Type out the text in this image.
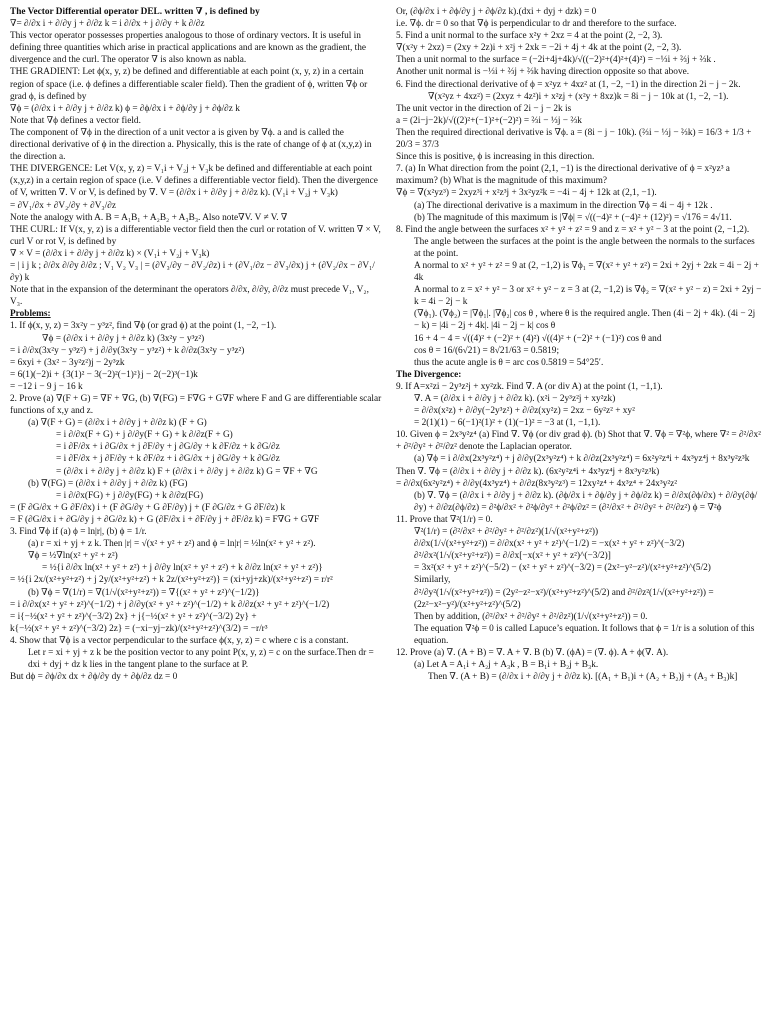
The Vector Differential operator DEL. written ∇ , is defined by

∇= ∂/∂x i + ∂/∂y j + ∂/∂z k = i ∂/∂x + j ∂/∂y + k ∂/∂z

This vector operator possesses properties analogous to those of ordinary vectors. It is useful in defining three quantities which arise in practical applications and are known as the gradient, the divergence and the curl. The operator ∇ is also known as nabla.

THE GRADIENT: Let ϕ(x, y, z) be defined and differentiable at each point (x, y, z) in a certain region of space (i.e. ϕ defines a differentiable scaler field). Then the gradient of ϕ, written ∇ϕ or grad ϕ, is defined by

∇ϕ = (∂/∂x i + ∂/∂y j + ∂/∂z k) ϕ = ∂ϕ/∂x i + ∂ϕ/∂y j + ∂ϕ/∂z k

Note that ∇ϕ defines a vector field.

The component of ∇ϕ in the direction of a unit vector a is given by ∇ϕ. a and is called the directional derivative of ϕ in the direction a. Physically, this is the rate of change of ϕ at (x,y,z) in the direction a.

THE DIVERGENCE: Let V(x, y, z) = V₁i + V₂j + V₃k be defined and differentiable at each point (x,y,z) in a certain region of space (i.e. V defines a differentiable vector field). Then the divergence of V, written ∇. V or V, is defined by ∇. V = (∂/∂x i + ∂/∂y j + ∂/∂z k). (V₁i + V₂j + V₃k)

= ∂V₁/∂x + ∂V₂/∂y + ∂V₃/∂z

Note the analogy with A. B = A₁B₁ + A₂B₂ + A₃B₃. Also note∇V. V ≠ V. ∇

THE CURL: If V(x, y, z) is a differentiable vector field then the curl or rotation of V. written ∇ × V, curl V or rot V, is defined by

∇ × V = (∂/∂x i + ∂/∂y j + ∂/∂z k) × (V₁i + V₂j + V₃k)

= | i j k ; ∂/∂x ∂/∂y ∂/∂z ; V₁ V₂ V₃ | = (∂V₃/∂y − ∂V₂/∂z) i + (∂V₁/∂z − ∂V₃/∂x) j + (∂V₂/∂x − ∂V₁/∂y) k

Note that in the expansion of the determinant the operators ∂/∂x, ∂/∂y, ∂/∂z must precede V₁, V₂, V₃.

Problems:

1. If ϕ(x, y, z) = 3x²y − y³z², find ∇ϕ (or grad ϕ) at the point (1, −2, −1).

∇ϕ = (∂/∂x i + ∂/∂y j + ∂/∂z k) (3x²y − y³z²)

= i ∂/∂x(3x²y − y³z²) + j ∂/∂y(3x²y − y³z²) + k ∂/∂z(3x²y − y³z²)

= 6xyi + (3x² − 3y²z²)j − 2y³zk

= 6(1)(−2)i + {3(1)² − 3(−2)²(−1)²}j − 2(−2)³(−1)k

= −12 i − 9 j − 16 k

2. Prove (a) ∇(F + G) = ∇F + ∇G, (b) ∇(FG) = F∇G + G∇F where F and G are differentiable scalar functions of x,y and z.

(a) ∇(F + G) = (∂/∂x i + ∂/∂y j + ∂/∂z k) (F + G)

= i ∂/∂x(F + G) + j ∂/∂y(F + G) + k ∂/∂z(F + G)

= i ∂F/∂x + i ∂G/∂x + j ∂F/∂y + j ∂G/∂y + k ∂F/∂z + k ∂G/∂z

= i ∂F/∂x + j ∂F/∂y + k ∂F/∂z + i ∂G/∂x + j ∂G/∂y + k ∂G/∂z

= (∂/∂x i + ∂/∂y j + ∂/∂z k) F + (∂/∂x i + ∂/∂y j + ∂/∂z k) G = ∇F + ∇G

(b) ∇(FG) = (∂/∂x i + ∂/∂y j + ∂/∂z k) (FG)

= i ∂/∂x(FG) + j ∂/∂y(FG) + k ∂/∂z(FG)

= (F ∂G/∂x + G ∂F/∂x) i + (F ∂G/∂y + G ∂F/∂y) j + (F ∂G/∂z + G ∂F/∂z) k

= F (∂G/∂x i + ∂G/∂y j + ∂G/∂z k) + G (∂F/∂x i + ∂F/∂y j + ∂F/∂z k) = F∇G + G∇F

3. Find ∇ϕ if (a) ϕ = ln|r|, (b) ϕ = 1/r.

(a) r = xi + yj + z k. Then |r| = √(x² + y² + z²) and ϕ = ln|r| = ½ln(x² + y² + z²).

∇ϕ = ½∇ln(x² + y² + z²)

= ½{i ∂/∂x ln(x² + y² + z²) + j ∂/∂y ln(x² + y² + z²) + k ∂/∂z ln(x² + y² + z²)}

= ½{i 2x/(x²+y²+z²) + j 2y/(x²+y²+z²) + k 2z/(x²+y²+z²)} = (xi+yj+zk)/(x²+y²+z²) = r/r²

(b) ∇ϕ = ∇(1/r) = ∇(1/√(x²+y²+z²)) = ∇{(x² + y² + z²)^(−1/2)}

= i ∂/∂x(x² + y² + z²)^(−1/2) + j ∂/∂y(x² + y² + z²)^(−1/2) + k ∂/∂z(x² + y² + z²)^(−1/2)

= i{−½(x² + y² + z²)^(−3/2) 2x} + j{−½(x² + y² + z²)^(−3/2) 2y} +

k{−½(x² + y² + z²)^(−3/2) 2z} = (−xi−yj−zk)/(x²+y²+z²)^(3/2) = −r/r³

4. Show that ∇ϕ is a vector perpendicular to the surface ϕ(x, y, z) = c where c is a constant.

Let r = xi + yj + z k be the position vector to any point P(x, y, z) = c on the surface.Then dr = dxi + dyj + dz k lies in the tangent plane to the surface at P.

But dϕ = ∂ϕ/∂x dx + ∂ϕ/∂y dy + ∂ϕ/∂z dz = 0

Or, (∂ϕ/∂x i + ∂ϕ/∂y j + ∂ϕ/∂z k).(dxi + dyj + dzk) = 0

i.e. ∇ϕ. dr = 0 so that ∇ϕ is perpendicular to dr and therefore to the surface.

5. Find a unit normal to the surface x²y + 2xz = 4 at the point (2, −2, 3).

∇(x²y + 2xz) = (2xy + 2z)i + x²j + 2xk = −2i + 4j + 4k at the point (2, −2, 3).

Then a unit normal to the surface = (−2i+4j+4k)/√((−2)²+(4)²+(4)²) = −⅓i + ⅔j + ⅔k .

Another unit normal is −⅓i + ⅔j + ⅔k having direction opposite so that above.

6. Find the directional derivative of ϕ = x²yz + 4xz² at (1, −2, −1) in the direction 2i − j − 2k.

∇(x²yz + 4xz²) = (2xyz + 4z²)i + x²zj + (x²y + 8xz)k = 8i − j − 10k at (1, −2, −1).

The unit vector in the direction of 2i − j − 2k is

a = (2i−j−2k)/√((2)²+(−1)²+(−2)²) = ⅔i − ⅓j − ⅔k

Then the required directional derivative is ∇ϕ. a = (8i − j − 10k). (⅔i − ⅓j − ⅔k) = 16/3 + 1/3 + 20/3 = 37/3

Since this is positive, ϕ is increasing in this direction.

7. (a) In What direction from the point (2,1, −1) is the directional derivative of ϕ = x²yz³ a maximum? (b) What is the magnitude of this maximum?

∇ϕ = ∇(x²yz³) = 2xyz³i + x²z³j + 3x²yz²k = −4i − 4j + 12k at (2,1, −1).

(a) The directional derivative is a maximum in the direction ∇ϕ = 4i − 4j + 12k .

(b) The magnitude of this maximum is |∇ϕ| = √((−4)² + (−4)² + (12)²) = √176 = 4√11.

8. Find the angle between the surfaces x² + y² + z² = 9 and z = x² + y² − 3 at the point (2, −1,2).

The angle between the surfaces at the point is the angle between the normals to the surfaces at the point.

A normal to x² + y² + z² = 9 at (2, −1,2) is ∇ϕ₁ = ∇(x² + y² + z²) = 2xi + 2yj + 2zk = 4i − 2j + 4k

A normal to z = x² + y² − 3 or x² + y² − z = 3 at (2, −1,2) is ∇ϕ₂ = ∇(x² + y² − z) = 2xi + 2yj − k = 4i − 2j − k

(∇ϕ₁). (∇ϕ₂) = |∇ϕ₁|. |∇ϕ₂| cos θ , where θ is the required angle. Then (4i − 2j + 4k). (4i − 2j − k) = |4i − 2j + 4k|. |4i − 2j − k| cos θ

16 + 4 − 4 = √((4)² + (−2)² + (4)²) √((4)² + (−2)² + (−1)²) cos θ and

cos θ = 16/(6√21) = 8√21/63 = 0.5819;

thus the acute angle is θ = arc cos 0.5819 = 54°25′.

The Divergence:

9. If A=x²zi − 2y³z²j + xy²zk. Find ∇. A (or div A) at the point (1, −1,1).

∇. A = (∂/∂x i + ∂/∂y j + ∂/∂z k). (x²i − 2y³z²j + xy²zk)

= ∂/∂x(x²z) + ∂/∂y(−2y³z²) + ∂/∂z(xy²z) = 2xz − 6y²z² + xy²

= 2(1)(1) − 6(−1)²(1)² + (1)(−1)² = −3 at (1, −1,1).

10. Given ϕ = 2x³y²z⁴ (a) Find ∇. ∇ϕ (or div grad ϕ). (b) Shot that ∇. ∇ϕ = ∇²ϕ, where ∇² = ∂²/∂x² + ∂²/∂y² + ∂²/∂z² denote the Laplacian operator.

(a) ∇ϕ = i ∂/∂x(2x³y²z⁴) + j ∂/∂y(2x³y²z⁴) + k ∂/∂z(2x³y²z⁴) = 6x²y²z⁴i + 4x³yz⁴j + 8x³y²z³k

Then ∇. ∇ϕ = (∂/∂x i + ∂/∂y j + ∂/∂z k). (6x²y²z⁴i + 4x³yz⁴j + 8x³y²z³k)

= ∂/∂x(6x²y²z⁴) + ∂/∂y(4x³yz⁴) + ∂/∂z(8x³y²z³) = 12xy²z⁴ + 4x³z⁴ + 24x³y²z²

(b) ∇. ∇ϕ = (∂/∂x i + ∂/∂y j + ∂/∂z k). (∂ϕ/∂x i + ∂ϕ/∂y j + ∂ϕ/∂z k) = ∂/∂x(∂ϕ/∂x) + ∂/∂y(∂ϕ/∂y) + ∂/∂z(∂ϕ/∂z) = ∂²ϕ/∂x² + ∂²ϕ/∂y² + ∂²ϕ/∂z² = (∂²/∂x² + ∂²/∂y² + ∂²/∂z²) ϕ = ∇²ϕ

11. Prove that ∇²(1/r) = 0.

∇²(1/r) = (∂²/∂x² + ∂²/∂y² + ∂²/∂z²)(1/√(x²+y²+z²))

∂/∂x(1/√(x²+y²+z²)) = ∂/∂x(x² + y² + z²)^(−1/2) = −x(x² + y² + z²)^(−3/2)

∂²/∂x²(1/√(x²+y²+z²)) = ∂/∂x[−x(x² + y² + z²)^(−3/2)]

= 3x²(x² + y² + z²)^(−5/2) − (x² + y² + z²)^(−3/2) = (2x²−y²−z²)/(x²+y²+z²)^(5/2)

Similarly,

∂²/∂y²(1/√(x²+y²+z²)) = (2y²−z²−x²)/(x²+y²+z²)^(5/2) and ∂²/∂z²(1/√(x²+y²+z²)) = (2z²−x²−y²)/(x²+y²+z²)^(5/2)

Then by addition, (∂²/∂x² + ∂²/∂y² + ∂²/∂z²)(1/√(x²+y²+z²)) = 0.

The equation ∇²ϕ = 0 is called Lapuce’s equation. It follows that ϕ = 1/r is a solution of this equation.

12. Prove (a) ∇. (A + B) = ∇. A + ∇. B (b) ∇. (ϕA) = (∇. ϕ). A + ϕ(∇. A).

(a) Let A = A₁i + A₂j + A₃k , B = B₁i + B₂j + B₃k.

Then ∇. (A + B) = (∂/∂x i + ∂/∂y j + ∂/∂z k). [(A₁ + B₁)i + (A₂ + B₂)j + (A₃ + B₃)k]
